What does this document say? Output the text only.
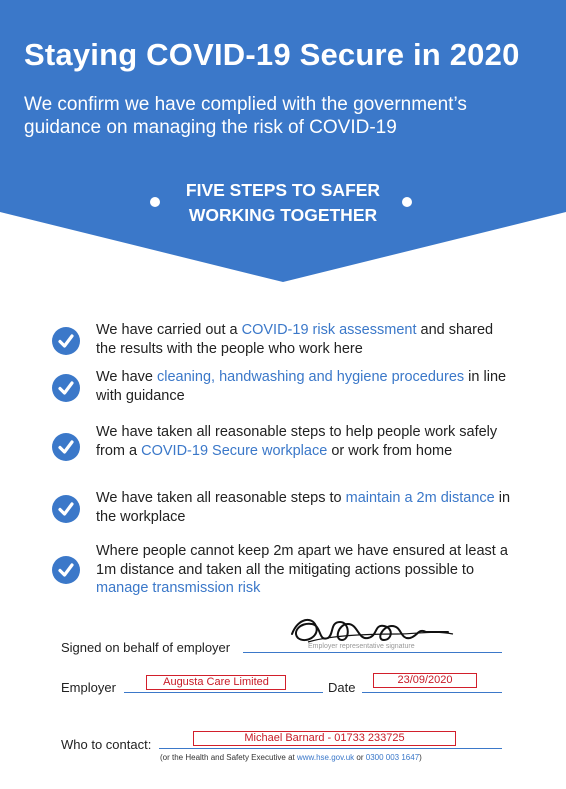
Staying COVID-19 Secure in 2020
We confirm we have complied with the government’s guidance on managing the risk of COVID-19
FIVE STEPS TO SAFER
WORKING TOGETHER
We have carried out a COVID-19 risk assessment and shared the results with the people who work here
We have cleaning, handwashing and hygiene procedures in line with guidance
We have taken all reasonable steps to help people work safely from a COVID-19 Secure workplace or work from home
We have taken all reasonable steps to maintain a 2m distance in the workplace
Where people cannot keep 2m apart we have ensured at least a 1m distance and taken all the mitigating actions possible to manage transmission risk
Signed on behalf of employer	Employer representative signature
Employer	Augusta Care Limited	Date	23/09/2020
Who to contact:	Michael Barnard - 01733 233725
(or the Health and Safety Executive at www.hse.gov.uk or 0300 003 1647)
